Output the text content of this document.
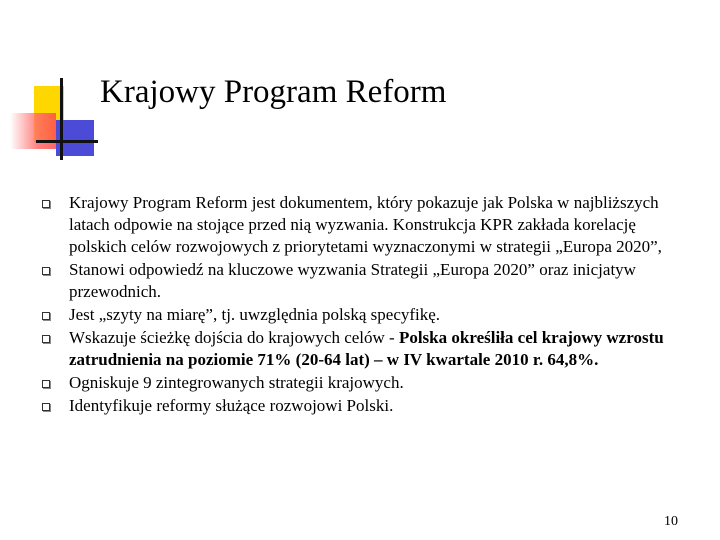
Krajowy Program Reform
Krajowy Program Reform jest dokumentem, który pokazuje jak Polska w najbliższych latach odpowie na stojące przed nią wyzwania. Konstrukcja KPR zakłada korelację polskich celów rozwojowych z priorytetami wyznaczonymi w strategii „Europa 2020”,
Stanowi odpowiedź na kluczowe wyzwania Strategii „Europa 2020” oraz inicjatyw przewodnich.
Jest „szyty na miarę”, tj. uwzględnia polską specyfikę.
Wskazuje ścieżkę dojścia do krajowych celów - Polska określiła cel krajowy wzrostu zatrudnienia na poziomie 71% (20-64 lat) – w IV kwartale 2010 r. 64,8%.
Ogniskuje 9 zintegrowanych strategii krajowych.
Identyfikuje reformy służące rozwojowi Polski.
10
